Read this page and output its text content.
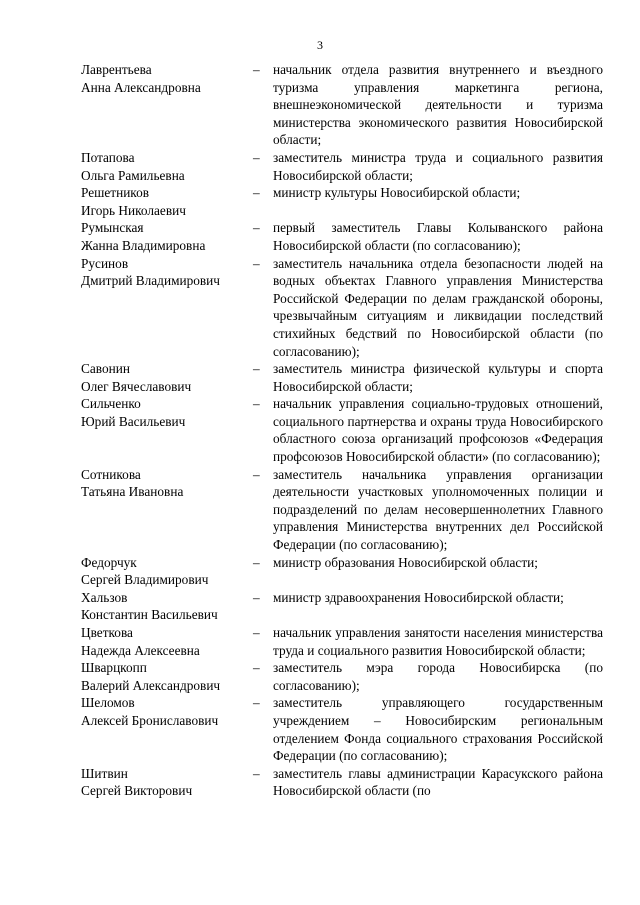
3
Лаврентьева
Анна Александровна
–	начальник отдела развития внутреннего и въездного туризма управления маркетинга региона, внешнеэкономической деятельности и туризма министерства экономического развития Новосибирской области;
Потапова
Ольга Рамильевна
–	заместитель министра труда и социального развития Новосибирской области;
Решетников
Игорь Николаевич
–	министр культуры Новосибирской области;
Румынская
Жанна Владимировна
–	первый заместитель Главы Колыванского района Новосибирской области (по согласованию);
Русинов
Дмитрий Владимирович
–	заместитель начальника отдела безопасности людей на водных объектах Главного управления Министерства Российской Федерации по делам гражданской обороны, чрезвычайным ситуациям и ликвидации последствий стихийных бедствий по Новосибирской области (по согласованию);
Савонин
Олег Вячеславович
–	заместитель министра физической культуры и спорта Новосибирской области;
Сильченко
Юрий Васильевич
–	начальник управления социально-трудовых отношений, социального партнерства и охраны труда Новосибирского областного союза организаций профсоюзов «Федерация профсоюзов Новосибирской области» (по согласованию);
Сотникова
Татьяна Ивановна
–	заместитель начальника управления организации деятельности участковых уполномоченных полиции и подразделений по делам несовершеннолетних Главного управления Министерства внутренних дел Российской Федерации (по согласованию);
Федорчук
Сергей Владимирович
–	министр образования Новосибирской области;
Хальзов
Константин Васильевич
–	министр здравоохранения Новосибирской области;
Цветкова
Надежда Алексеевна
–	начальник управления занятости населения министерства труда и социального развития Новосибирской области;
Шварцкопп
Валерий Александрович
–	заместитель мэра города Новосибирска (по согласованию);
Шеломов
Алексей Брониславович
–	заместитель управляющего государственным учреждением – Новосибирским региональным отделением Фонда социального страхования Российской Федерации (по согласованию);
Шитвин
Сергей Викторович
–	заместитель главы администрации Карасукского района Новосибирской области (по
